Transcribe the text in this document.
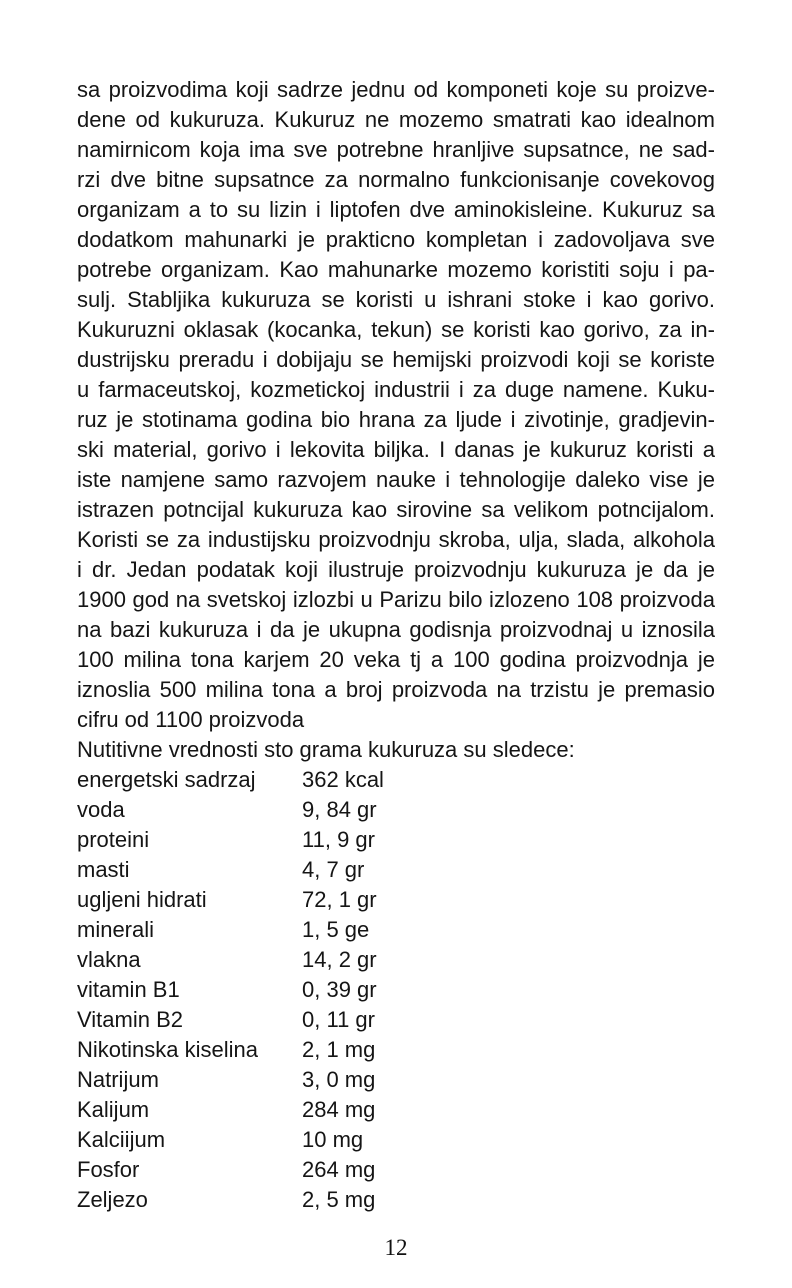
sa proizvodima koji sadrze jednu od komponeti koje su proizve-
dene od kukuruza. Kukuruz ne mozemo smatrati kao idealnom
namirnicom koja ima sve potrebne hranljive supsatnce, ne sad-
rzi dve bitne supsatnce za normalno funkcionisanje covekovog
organizam a to su lizin i liptofen dve aminokisleine. Kukuruz sa
dodatkom mahunarki je prakticno kompletan i zadovoljava sve
potrebe organizam. Kao mahunarke mozemo koristiti soju i pa-
sulj. Stabljika kukuruza se koristi u ishrani stoke i kao gorivo.
Kukuruzni oklasak (kocanka, tekun) se koristi kao gorivo, za in-
dustrijsku preradu i dobijaju se hemijski proizvodi koji se koriste
u farmaceutskoj, kozmetickoj industrii i za duge namene. Kuku-
ruz je stotinama godina bio hrana za ljude i zivotinje, gradjevin-
ski material, gorivo i lekovita biljka. I danas je kukuruz koristi a
iste namjene samo razvojem nauke i tehnologije daleko vise je
istrazen potncijal kukuruza kao sirovine sa velikom potncijalom.
Koristi se za industijsku proizvodnju skroba, ulja, slada, alkohola
i dr. Jedan podatak koji ilustruje proizvodnju kukuruza je da je
1900 god na svetskoj izlozbi u Parizu bilo izlozeno 108 proizvoda
na bazi kukuruza i da je ukupna godisnja proizvodnaj u iznosila
100 milina tona karjem 20 veka tj a 100 godina proizvodnja je
iznoslia 500 milina tona a broj proizvoda na trzistu je premasio
cifru od 1100 proizvoda
Nutitivne vrednosti sto grama kukuruza su sledece:
energetski sadrzaj	362 kcal
voda	9, 84 gr
proteini	11, 9 gr
masti	4, 7 gr
ugljeni hidrati	72, 1 gr
minerali	1, 5 ge
vlakna	14, 2 gr
vitamin B1	0, 39 gr
Vitamin B2	0, 11 gr
Nikotinska kiselina	2, 1 mg
Natrijum	3, 0 mg
Kalijum	284 mg
Kalciijum	10 mg
Fosfor	264 mg
Zeljezo	2, 5 mg
12
